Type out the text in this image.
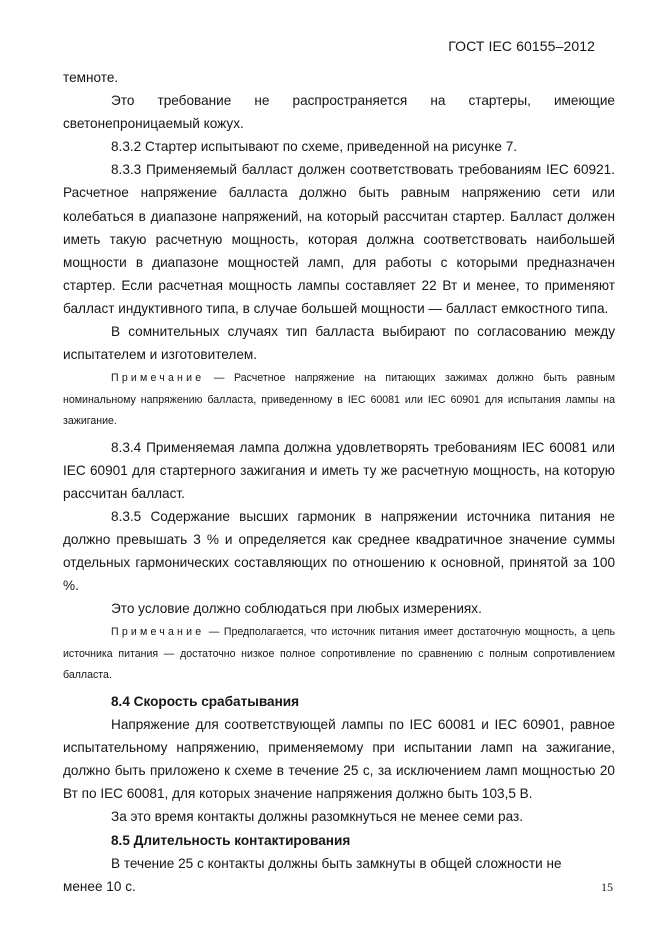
ГОСТ IEC 60155–2012

темноте.

Это требование не распространяется на стартеры, имеющие

светонепроницаемый кожух.

8.3.2 Стартер испытывают по схеме, приведенной на рисунке 7.

8.3.3 Применяемый балласт должен соответствовать требованиям IEC 60921. Расчетное напряжение балласта должно быть равным напряжению сети или колебаться в диапазоне напряжений, на который рассчитан стартер. Балласт должен иметь такую расчетную мощность, которая должна соответствовать наибольшей мощности в диапазоне мощностей ламп, для работы с которыми предназначен стартер. Если расчетная мощность лампы составляет 22 Вт и менее, то применяют балласт индуктивного типа, в случае большей мощности — балласт емкостного типа.

В сомнительных случаях тип балласта выбирают по согласованию между испытателем и изготовителем.

Примечание — Расчетное напряжение на питающих зажимах должно быть равным номинальному напряжению балласта, приведенному в IEC 60081 или IEC 60901 для испытания лампы на зажигание.

8.3.4 Применяемая лампа должна удовлетворять требованиям IEC 60081 или IEC 60901 для стартерного зажигания и иметь ту же расчетную мощность, на которую рассчитан балласт.

8.3.5 Содержание высших гармоник в напряжении источника питания не должно превышать 3 % и определяется как среднее квадратичное значение суммы отдельных гармонических составляющих по отношению к основной, принятой за 100 %.

Это условие должно соблюдаться при любых измерениях.

Примечание — Предполагается, что источник питания имеет достаточную мощность, а цепь источника питания — достаточно низкое полное сопротивление по сравнению с полным сопротивлением балласта.

8.4 Скорость срабатывания

Напряжение для соответствующей лампы по IEC 60081 и IEC 60901, равное испытательному напряжению, применяемому при испытании ламп на зажигание, должно быть приложено к схеме в течение 25 с, за исключением ламп мощностью 20 Вт по IEC 60081, для которых значение напряжения должно быть 103,5 В.

За это время контакты должны разомкнуться не менее семи раз.

8.5 Длительность контактирования

В течение 25 с контакты должны быть замкнуты в общей сложности не

менее 10 с.	15
